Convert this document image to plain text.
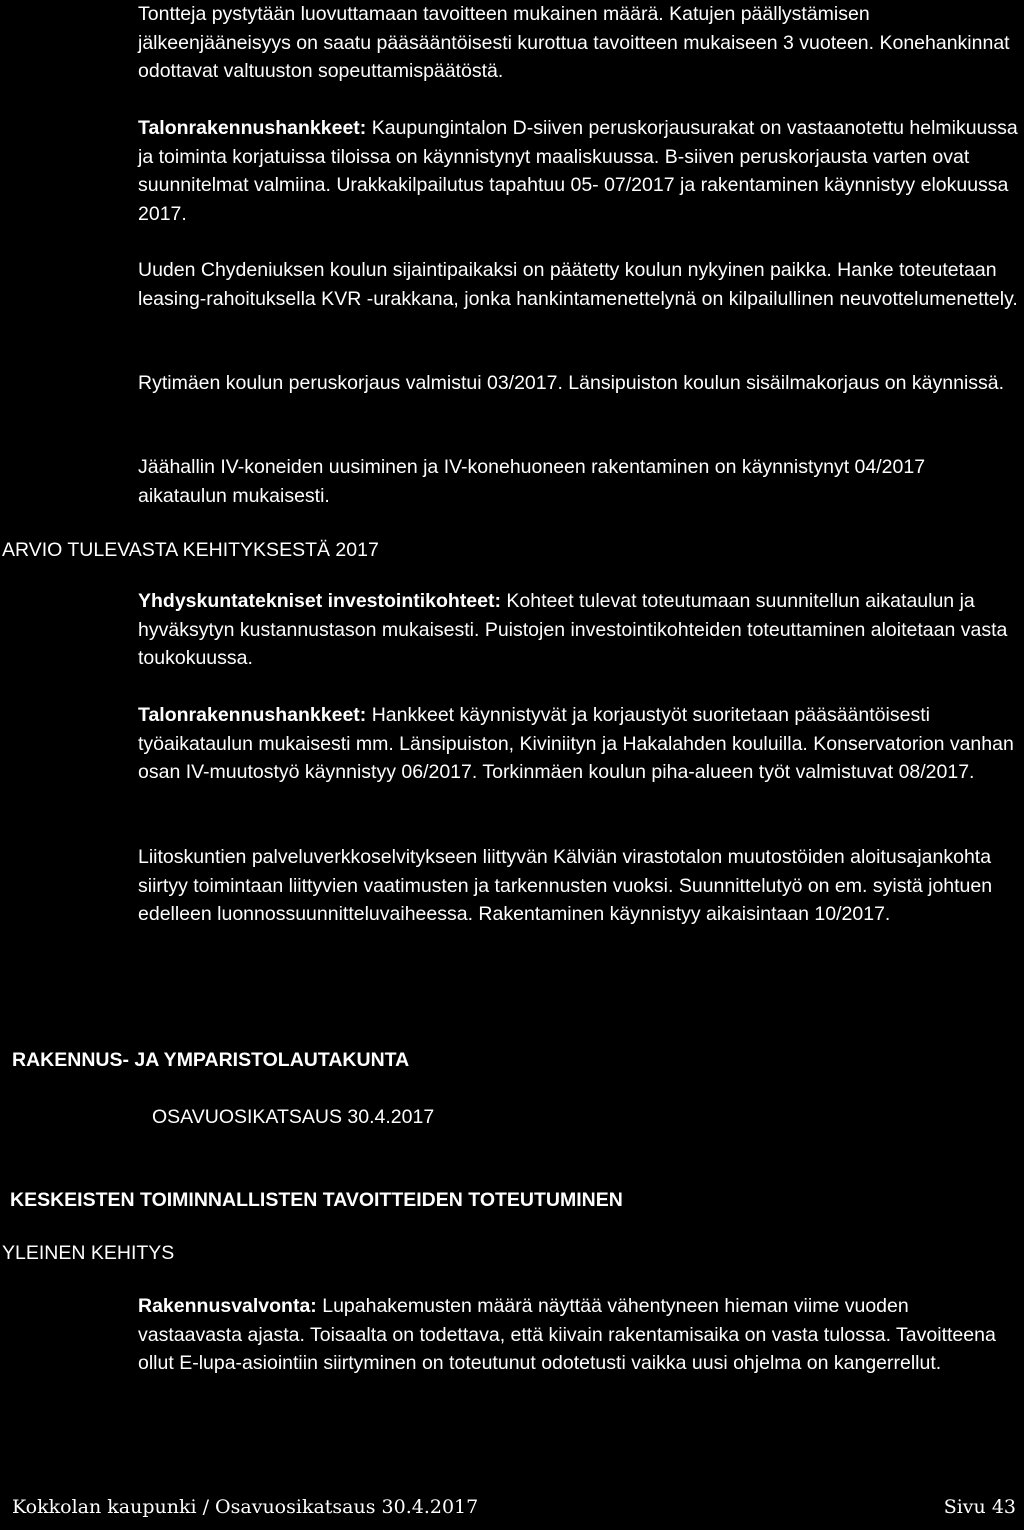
Tontteja pystytään luovuttamaan tavoitteen mukainen määrä. Katujen päällystämisen jälkeenjääneisyys on saatu pääsääntöisesti kurottua tavoitteen mukaiseen 3 vuoteen. Konehankinnat odottavat valtuuston sopeuttamispäätöstä.

Talonrakennushankkeet: Kaupungintalon D-siiven peruskorjausurakat on vastaanotettu helmikuussa ja toiminta korjatuissa tiloissa on käynnistynyt maaliskuussa. B-siiven peruskorjausta varten ovat suunnitelmat valmiina. Urakkakilpailutus tapahtuu 05- 07/2017 ja rakentaminen käynnistyy elokuussa 2017.

Uuden Chydeniuksen koulun sijaintipaikaksi on päätetty koulun nykyinen paikka. Hanke toteutetaan leasing-rahoituksella KVR -urakkana, jonka hankintamenettelynä on kilpailullinen neuvottelumenettely.

Rytimäen koulun peruskorjaus valmistui 03/2017. Länsipuiston koulun sisäilmakorjaus on käynnissä.

Jäähallin IV-koneiden uusiminen ja IV-konehuoneen rakentaminen on käynnistynyt 04/2017 aikataulun mukaisesti.

ARVIO TULEVASTA KEHITYKSESTÄ 2017

Yhdyskuntatekniset investointikohteet: Kohteet tulevat toteutumaan suunnitellun aikataulun ja hyväksytyn kustannustason mukaisesti. Puistojen investointikohteiden toteuttaminen aloitetaan vasta toukokuussa.

Talonrakennushankkeet: Hankkeet käynnistyvät ja korjaustyöt suoritetaan pääsääntöisesti työaikataulun mukaisesti mm. Länsipuiston, Kiviniityn ja Hakalahden kouluilla. Konservatorion vanhan osan IV-muutostyö käynnistyy 06/2017. Torkinmäen koulun piha-alueen työt valmistuvat 08/2017.

Liitoskuntien palveluverkkoselvitykseen liittyvän Kälviän virastotalon muutostöiden aloitusajankohta siirtyy toimintaan liittyvien vaatimusten ja tarkennusten vuoksi. Suunnittelutyö on em. syistä johtuen edelleen luonnossuunnitteluvaiheessa. Rakentaminen käynnistyy aikaisintaan 10/2017.

RAKENNUS- JA YMPARISTOLAUTAKUNTA
OSAVUOSIKATSAUS 30.4.2017
KESKEISTEN TOIMINNALLISTEN TAVOITTEIDEN TOTEUTUMINEN
YLEINEN KEHITYS

Rakennusvalvonta: Lupahakemusten määrä näyttää vähentyneen hieman viime vuoden vastaavasta ajasta. Toisaalta on todettava, että kiivain rakentamisaika on vasta tulossa. Tavoitteena ollut E-lupa-asiointiin siirtyminen on toteutunut odotetusti vaikka uusi ohjelma on kangerrellut.

Kokkolan kaupunki / Osavuosikatsaus 30.4.2017	Sivu 43
